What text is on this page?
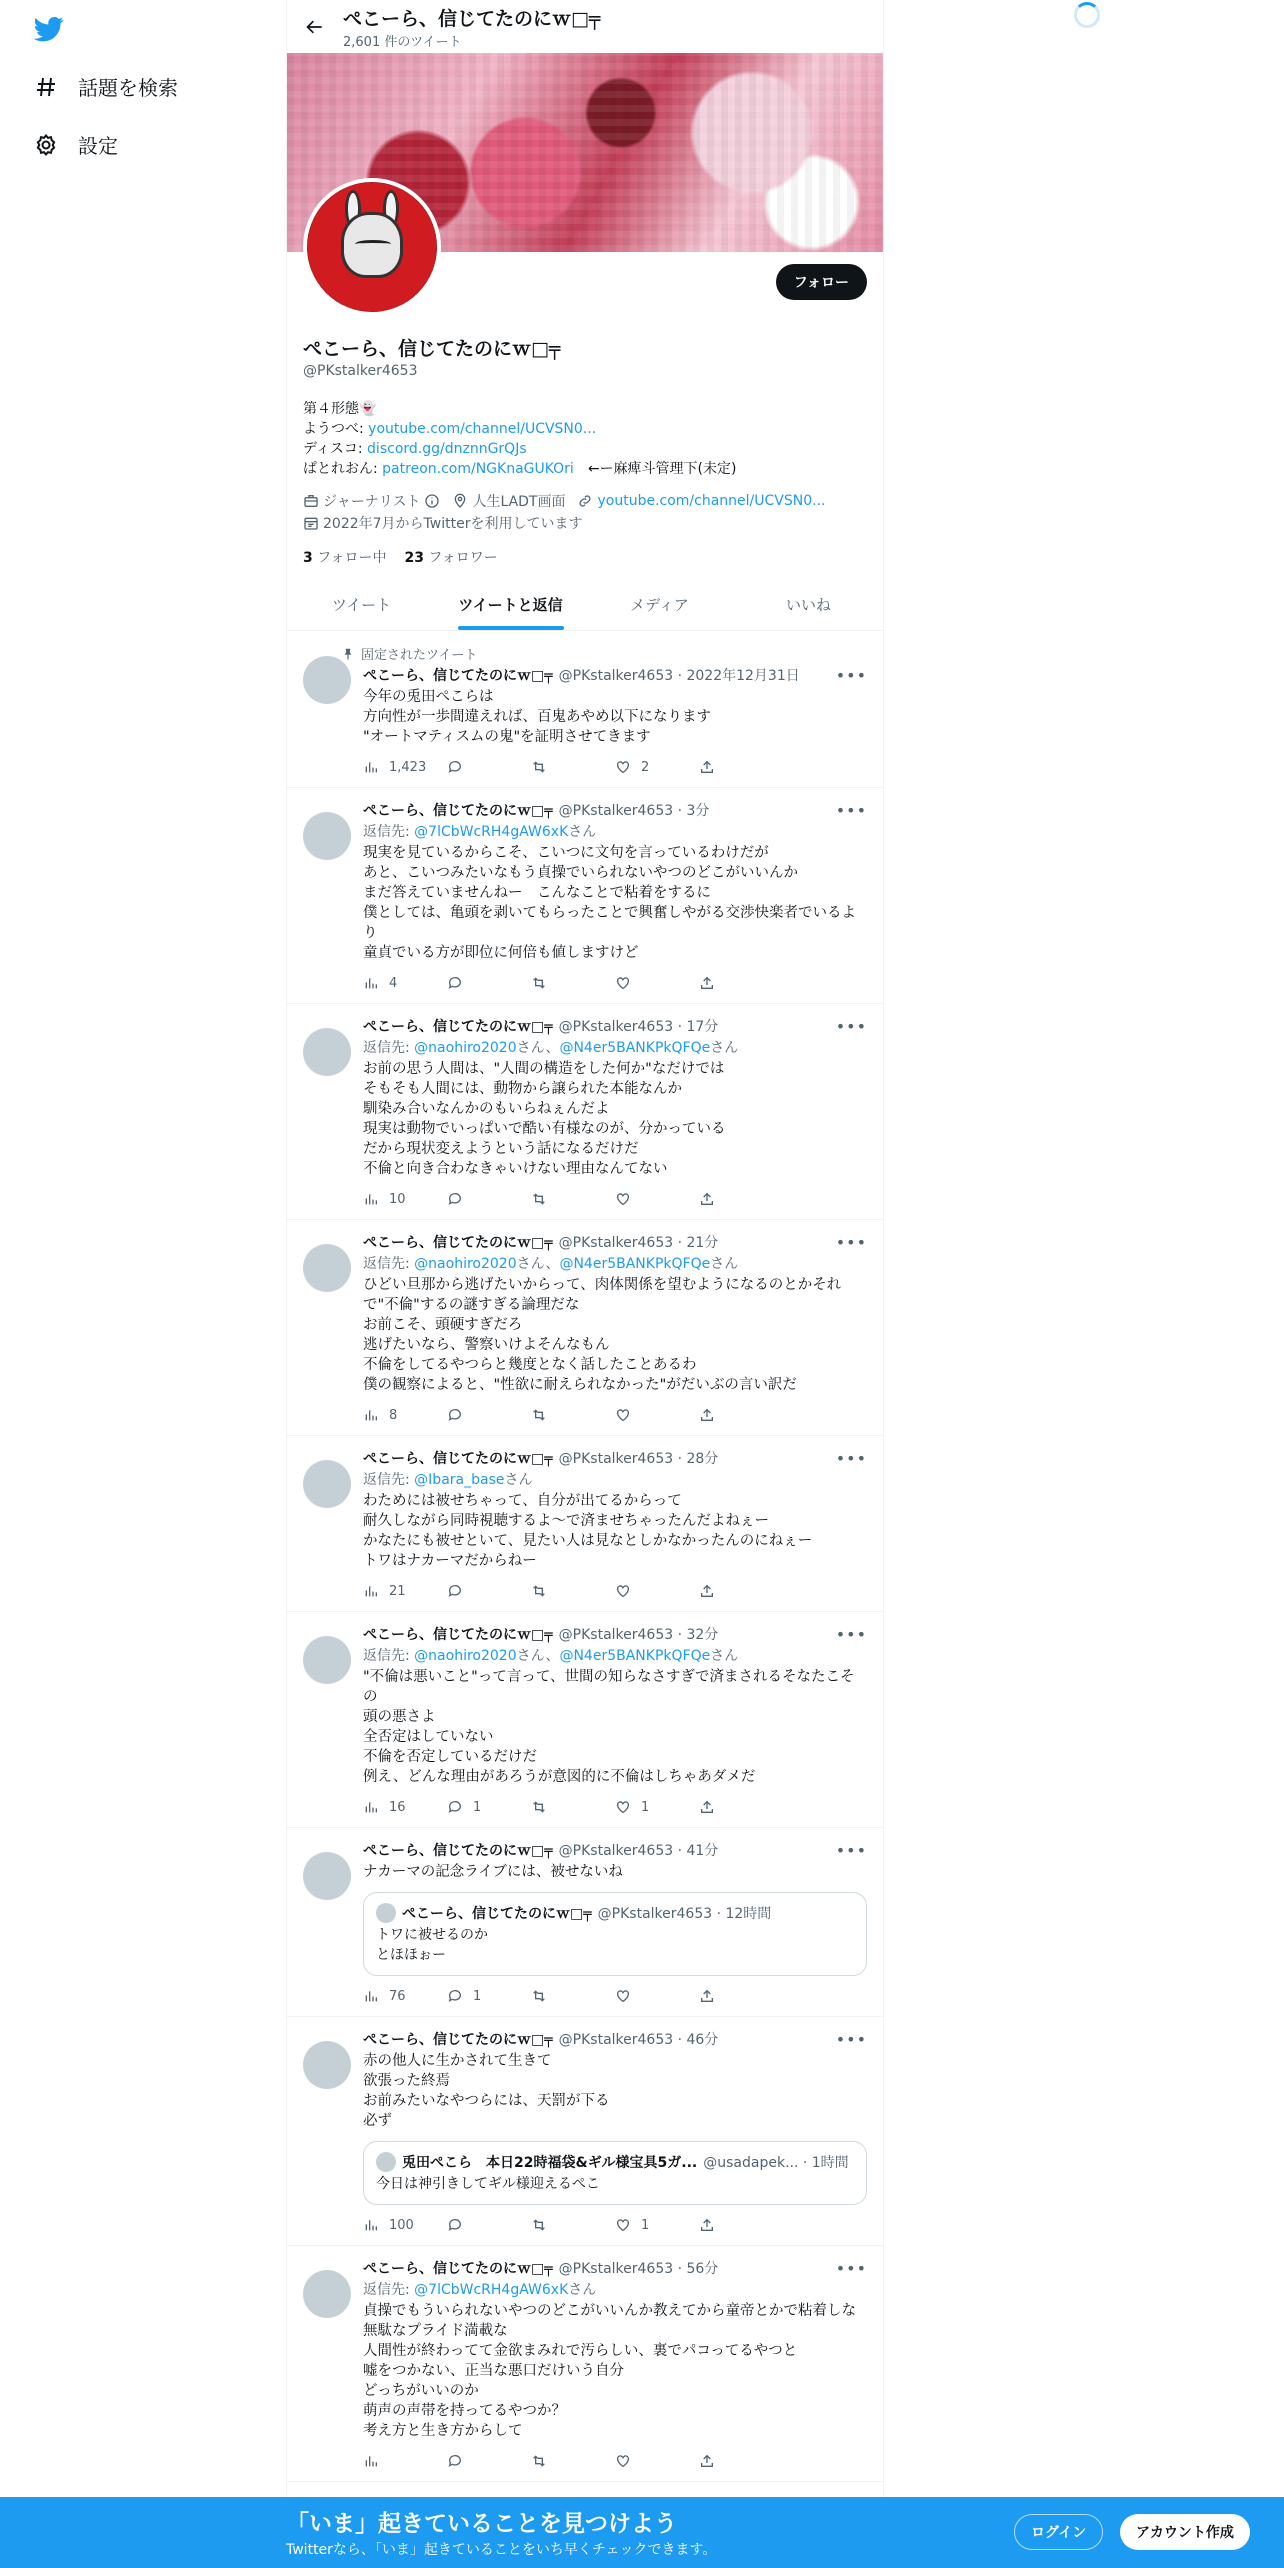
話題を検索
設定
ぺこーら、信じてたのにｗ□╤
2,601 件のツイート
フォロー
ぺこーら、信じてたのにｗ□╤
@PKstalker4653
第４形態👻
ようつべ: youtube.com/channel/UCVSN0...
ディスコ: discord.gg/dnznnGrQJs
ぱとれおん: patreon.com/NGKnaGUKOri　←ー麻痺斗管理下(未定)
ジャーナリスト	人生LADT画面 youtube.com/channel/UCVSN0...
2022年7月からTwitterを利用しています
3 フォロー中 23 フォロワー
ツイート	ツイートと返信	メディア	いいね
固定されたツイート
ぺこーら、信じてたのにｗ□╤ @PKstalker4653 · 2022年12月31日 •••
今年の兎田ぺこらは
方向性が一歩間違えれば、百鬼あやめ以下になります
"オートマティスムの鬼"を証明させてきます
1,423	2
ぺこーら、信じてたのにｗ□╤ @PKstalker4653 · 3分	•••
返信先: @7lCbWcRH4gAW6xKさん
現実を見ているからこそ、こいつに文句を言っているわけだが
あと、こいつみたいなもう貞操でいられないやつのどこがいいんか
まだ答えていませんねー　こんなことで粘着をするに
僕としては、亀頭を剥いてもらったことで興奮しやがる交渉快楽者でいるより
童貞でいる方が即位に何倍も値しますけど
4
ぺこーら、信じてたのにｗ□╤ @PKstalker4653 · 17分	•••
返信先: @naohiro2020さん、@N4er5BANKPkQFQeさん
お前の思う人間は、"人間の構造をした何か"なだけでは
そもそも人間には、動物から譲られた本能なんか
馴染み合いなんかのもいらねぇんだよ
現実は動物でいっぱいで酷い有様なのが、分かっている
だから現状変えようという話になるだけだ
不倫と向き合わなきゃいけない理由なんてない
10
ぺこーら、信じてたのにｗ□╤ @PKstalker4653 · 21分	•••
返信先: @naohiro2020さん、@N4er5BANKPkQFQeさん
ひどい旦那から逃げたいからって、肉体関係を望むようになるのとかそれで"不倫"するの謎すぎる論理だな
お前こそ、頭硬すぎだろ
逃げたいなら、警察いけよそんなもん
不倫をしてるやつらと幾度となく話したことあるわ
僕の観察によると、"性欲に耐えられなかった"がだいぶの言い訳だ
8
ぺこーら、信じてたのにｗ□╤ @PKstalker4653 · 28分	•••
返信先: @Ibara_baseさん
わためには被せちゃって、自分が出てるからって
耐久しながら同時視聴するよ〜で済ませちゃったんだよねぇー
かなたにも被せといて、見たい人は見なとしかなかったんのにねぇー
トワはナカーマだからねー
21
ぺこーら、信じてたのにｗ□╤ @PKstalker4653 · 32分	•••
返信先: @naohiro2020さん、@N4er5BANKPkQFQeさん
"不倫は悪いこと"って言って、世間の知らなさすぎで済まされるそなたこその
頭の悪さよ
全否定はしていない
不倫を否定しているだけだ
例え、どんな理由があろうが意図的に不倫はしちゃあダメだ
16	1	1
ぺこーら、信じてたのにｗ□╤ @PKstalker4653 · 41分	•••
ナカーマの記念ライブには、被せないね
ぺこーら、信じてたのにｗ□╤ @PKstalker4653 · 12時間
トワに被せるのか
とほほぉー
76	1
ぺこーら、信じてたのにｗ□╤ @PKstalker4653 · 46分	•••
赤の他人に生かされて生きて
欲張った終焉
お前みたいなやつらには、天罰が下る
必ず
兎田ぺこら　本日22時福袋&ギル様宝具5ガ... @usadapek... · 1時間
今日は神引きしてギル様迎えるぺこ
100	1
ぺこーら、信じてたのにｗ□╤ @PKstalker4653 · 56分	•••
返信先: @7lCbWcRH4gAW6xKさん
貞操でもういられないやつのどこがいいんか教えてから童帝とかで粘着しな
無駄なプライド満載な
人間性が終わってて金欲まみれで汚らしい、裏でパコってるやつと
嘘をつかない、正当な悪口だけいう自分
どっちがいいのか
萌声の声帯を持ってるやつか？
考え方と生き方からして
「いま」起きていることを見つけよう
Twitterなら、「いま」起きていることをいち早くチェックできます。
ログイン	アカウント作成
